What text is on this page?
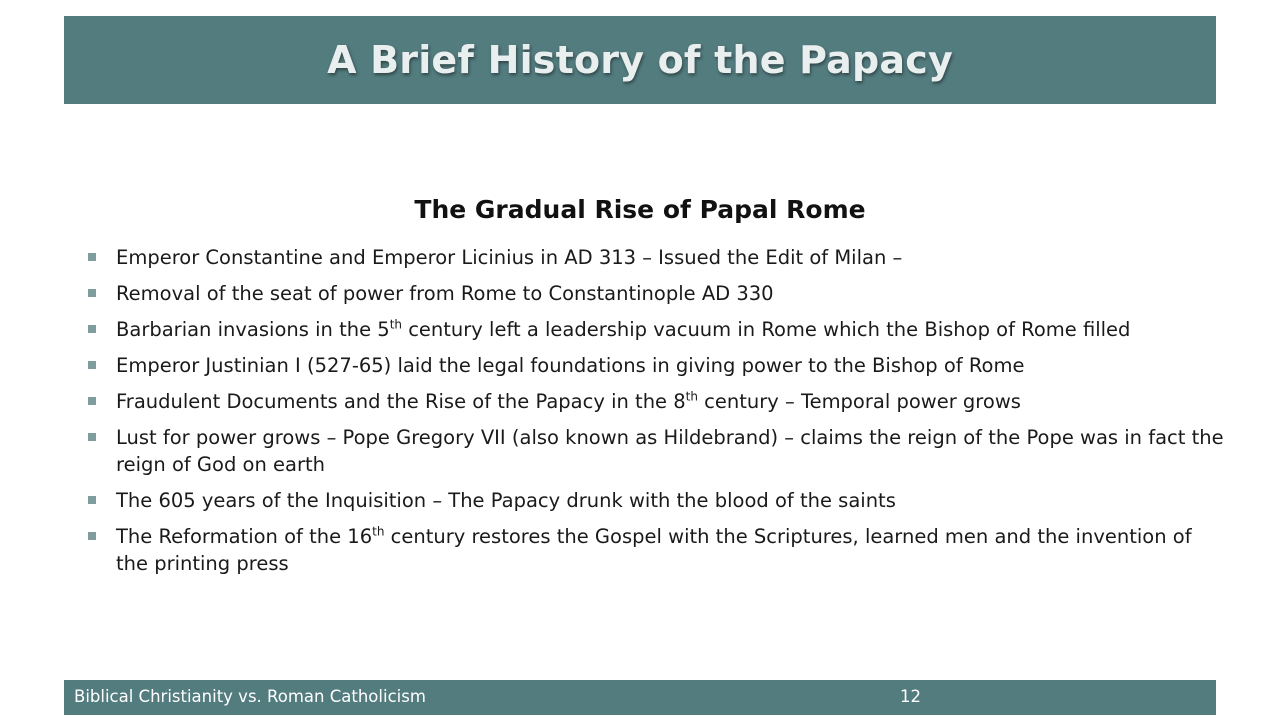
A Brief History of the Papacy
The Gradual Rise of Papal Rome
Emperor Constantine and Emperor Licinius in AD 313 – Issued the Edit of Milan –
Removal of the seat of power from Rome to Constantinople AD 330
Barbarian invasions in the 5th century left a leadership vacuum in Rome which the Bishop of Rome filled
Emperor Justinian I (527-65) laid the legal foundations in giving power to the Bishop of Rome
Fraudulent Documents and the Rise of the Papacy in the 8th century – Temporal power grows
Lust for power grows – Pope Gregory VII (also known as Hildebrand) – claims the reign of the Pope was in fact the reign of God on earth
The 605 years of the Inquisition – The Papacy drunk with the blood of the saints
The Reformation of the 16th century restores the Gospel with the Scriptures, learned men and the invention of the printing press
Biblical Christianity vs. Roman Catholicism	12
